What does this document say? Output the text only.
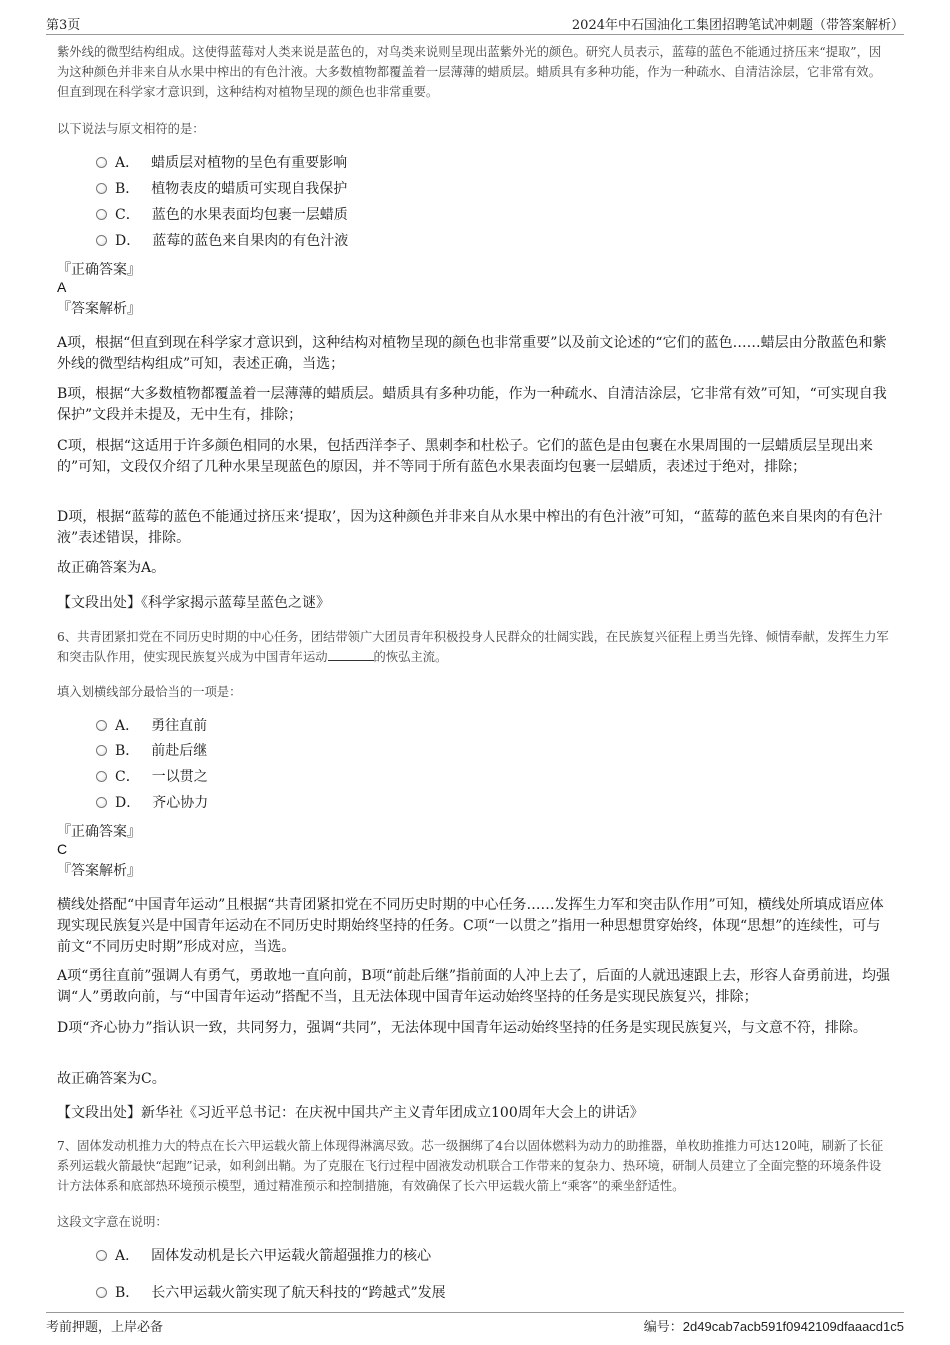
第3页	2024年中石国油化工集团招聘笔试冲刺题（带答案解析）
紫外线的微型结构组成。这使得蓝莓对人类来说是蓝色的，对鸟类来说则呈现出蓝紫外光的颜色。研究人员表示，蓝莓的蓝色不能通过挤压来“提取”，因为这种颜色并非来自从水果中榨出的有色汁液。大多数植物都覆盖着一层薄薄的蜡质层。蜡质具有多种功能，作为一种疏水、自清洁涂层，它非常有效。但直到现在科学家才意识到，这种结构对植物呈现的颜色也非常重要。
以下说法与原文相符的是：
A． 蜡质层对植物的呈色有重要影响
B． 植物表皮的蜡质可实现自我保护
C． 蓝色的水果表面均包裹一层蜡质
D． 蓝莓的蓝色来自果肉的有色汁液
『正确答案』
A
『答案解析』
A项，根据“但直到现在科学家才意识到，这种结构对植物呈现的颜色也非常重要”以及前文论述的“它们的蓝色……蜡层由分散蓝色和紫外线的微型结构组成”可知，表述正确，当选；
B项，根据“大多数植物都覆盖着一层薄薄的蜡质层。蜡质具有多种功能，作为一种疏水、自清洁涂层，它非常有效”可知，“可实现自我保护”文段并未提及，无中生有，排除；
C项，根据“这适用于许多颜色相同的水果，包括西洋李子、黑刺李和杜松子。它们的蓝色是由包裹在水果周围的一层蜡质层呈现出来的”可知，文段仅介绍了几种水果呈现蓝色的原因，并不等同于所有蓝色水果表面均包裹一层蜡质，表述过于绝对，排除；
D项，根据“蓝莓的蓝色不能通过挤压来‘提取’，因为这种颜色并非来自从水果中榨出的有色汁液”可知，“蓝莓的蓝色来自果肉的有色汁液”表述错误，排除。
故正确答案为A。
【文段出处】《科学家揭示蓝莓呈蓝色之谜》
6、共青团紧扣党在不同历史时期的中心任务，团结带领广大团员青年积极投身人民群众的壮阔实践，在民族复兴征程上勇当先锋、倾情奉献，发挥生力军和突击队作用，使实现民族复兴成为中国青年运动	的恢弘主流。
填入划横线部分最恰当的一项是：
A． 勇往直前
B． 前赴后继
C． 一以贯之
D． 齐心协力
『正确答案』
C
『答案解析』
横线处搭配“中国青年运动”且根据“共青团紧扣党在不同历史时期的中心任务……发挥生力军和突击队作用”可知，横线处所填成语应体现实现民族复兴是中国青年运动在不同历史时期始终坚持的任务。C项“一以贯之”指用一种思想贯穿始终，体现“思想”的连续性，可与前文“不同历史时期”形成对应，当选。
A项“勇往直前”强调人有勇气，勇敢地一直向前，B项“前赴后继”指前面的人冲上去了，后面的人就迅速跟上去，形容人奋勇前进，均强调“人”勇敢向前，与“中国青年运动”搭配不当，且无法体现中国青年运动始终坚持的任务是实现民族复兴，排除；
D项“齐心协力”指认识一致，共同努力，强调“共同”，无法体现中国青年运动始终坚持的任务是实现民族复兴，与文意不符，排除。
故正确答案为C。
【文段出处】新华社《习近平总书记：在庆祝中国共产主义青年团成立100周年大会上的讲话》
7、固体发动机推力大的特点在长六甲运载火箭上体现得淋漓尽致。芯一级捆绑了4台以固体燃料为动力的助推器，单枚助推推力可达120吨，刷新了长征系列运载火箭最快“起跑”记录，如利剑出鞘。为了克服在飞行过程中固液发动机联合工作带来的复杂力、热环境，研制人员建立了全面完整的环境条件设计方法体系和底部热环境预示模型，通过精准预示和控制措施，有效确保了长六甲运载火箭上“乘客”的乘坐舒适性。
这段文字意在说明：
A． 固体发动机是长六甲运载火箭超强推力的核心
B． 长六甲运载火箭实现了航天科技的“跨越式”发展
考前押题，上岸必备	编号：2d49cab7acb591f0942109dfaaacd1c5
